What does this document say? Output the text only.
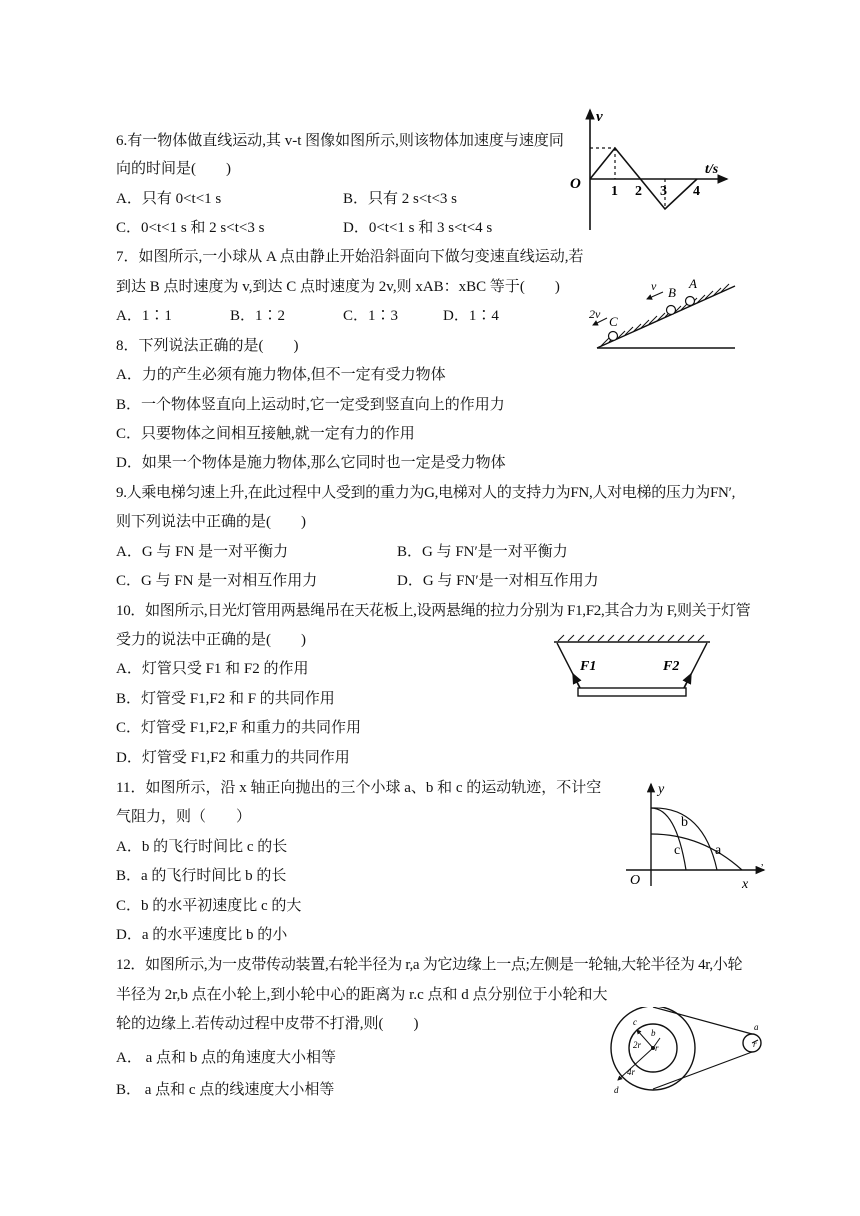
6.有一物体做直线运动,其 v-t 图像如图所示,则该物体加速度与速度同
向的时间是(　　)
A．只有 0<t<1 s	B．只有 2 s<t<3 s
C．0<t<1 s 和 2 s<t<3 s	D．0<t<1 s 和 3 s<t<4 s
7．如图所示,一小球从 A 点由静止开始沿斜面向下做匀变速直线运动,若
到达 B 点时速度为 v,到达 C 点时速度为 2v,则 xAB：xBC 等于(　　)
A．1∶1	B．1∶2	C．1∶3	D．1∶4
8．下列说法正确的是(　　)
A．力的产生必须有施力物体,但不一定有受力物体
B．一个物体竖直向上运动时,它一定受到竖直向上的作用力
C．只要物体之间相互接触,就一定有力的作用
D．如果一个物体是施力物体,那么它同时也一定是受力物体
9.人乘电梯匀速上升,在此过程中人受到的重力为G,电梯对人的支持力为FN,人对电梯的压力为FN′,
则下列说法中正确的是(　　)
A．G 与 FN 是一对平衡力	B．G 与 FN′是一对平衡力
C．G 与 FN 是一对相互作用力	D．G 与 FN′是一对相互作用力
10．如图所示,日光灯管用两悬绳吊在天花板上,设两悬绳的拉力分别为 F1,F2,其合力为 F,则关于灯管
受力的说法中正确的是(　　)
A．灯管只受 F1 和 F2 的作用
B．灯管受 F1,F2 和 F 的共同作用
C．灯管受 F1,F2,F 和重力的共同作用
D．灯管受 F1,F2 和重力的共同作用
11．如图所示，沿 x 轴正向抛出的三个小球 a、b 和 c 的运动轨迹，不计空
气阻力，则（　　）
A．b 的飞行时间比 c 的长
B．a 的飞行时间比 b 的长
C．b 的水平初速度比 c 的大
D．a 的水平速度比 b 的小
12．如图所示,为一皮带传动装置,右轮半径为 r,a 为它边缘上一点;左侧是一轮轴,大轮半径为 4r,小轮
半径为 2r,b 点在小轮上,到小轮中心的距离为 r.c 点和 d 点分别位于小轮和大
轮的边缘上.若传动过程中皮带不打滑,则(　　)
A． a 点和 b 点的角速度大小相等
B． a 点和 c 点的线速度大小相等
v
t/s
O 1 2 3 4
A
B
C
v
2v
F1	F2
y
x
O
a
b
c
,
c
b
2r r
4r
d
a
r
